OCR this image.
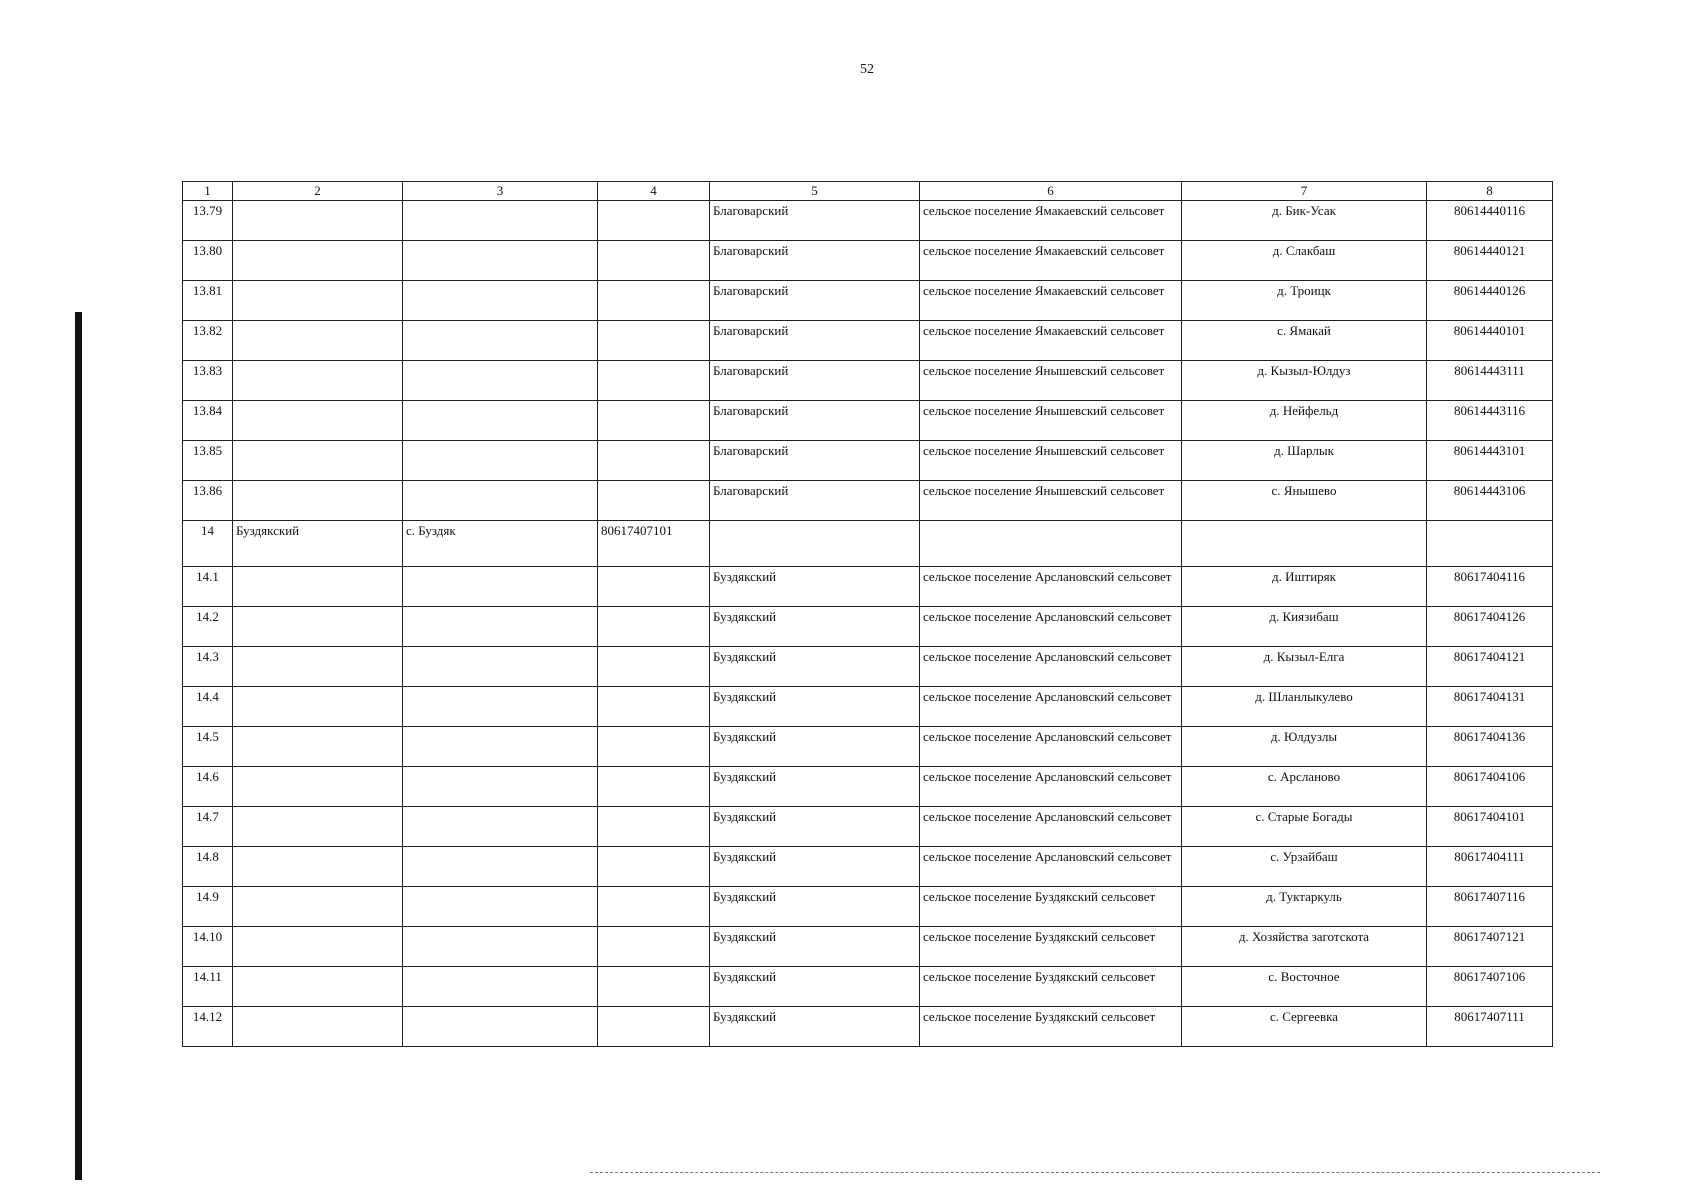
52
1	2	3	4	5	6	7	8
13.79				Благоварский	сельское поселение Ямакаевский сельсовет	д. Бик-Усак	80614440116
13.80				Благоварский	сельское поселение Ямакаевский сельсовет	д. Слакбаш	80614440121
13.81				Благоварский	сельское поселение Ямакаевский сельсовет	д. Троицк	80614440126
13.82				Благоварский	сельское поселение Ямакаевский сельсовет	с. Ямакай	80614440101
13.83				Благоварский	сельское поселение Янышевский сельсовет	д. Кызыл-Юлдуз	80614443111
13.84				Благоварский	сельское поселение Янышевский сельсовет	д. Нейфельд	80614443116
13.85				Благоварский	сельское поселение Янышевский сельсовет	д. Шарлык	80614443101
13.86				Благоварский	сельское поселение Янышевский сельсовет	с. Янышево	80614443106
14	Буздякский	с. Буздяк	80617407101				
14.1				Буздякский	сельское поселение Арслановский сельсовет	д. Иштиряк	80617404116
14.2				Буздякский	сельское поселение Арслановский сельсовет	д. Киязибаш	80617404126
14.3				Буздякский	сельское поселение Арслановский сельсовет	д. Кызыл-Елга	80617404121
14.4				Буздякский	сельское поселение Арслановский сельсовет	д. Шланлыкулево	80617404131
14.5				Буздякский	сельское поселение Арслановский сельсовет	д. Юлдузлы	80617404136
14.6				Буздякский	сельское поселение Арслановский сельсовет	с. Арсланово	80617404106
14.7				Буздякский	сельское поселение Арслановский сельсовет	с. Старые Богады	80617404101
14.8				Буздякский	сельское поселение Арслановский сельсовет	с. Урзайбаш	80617404111
14.9				Буздякский	сельское поселение Буздякский сельсовет	д. Туктаркуль	80617407116
14.10				Буздякский	сельское поселение Буздякский сельсовет	д. Хозяйства заготскота	80617407121
14.11				Буздякский	сельское поселение Буздякский сельсовет	с. Восточное	80617407106
14.12				Буздякский	сельское поселение Буздякский сельсовет	с. Сергеевка	80617407111
